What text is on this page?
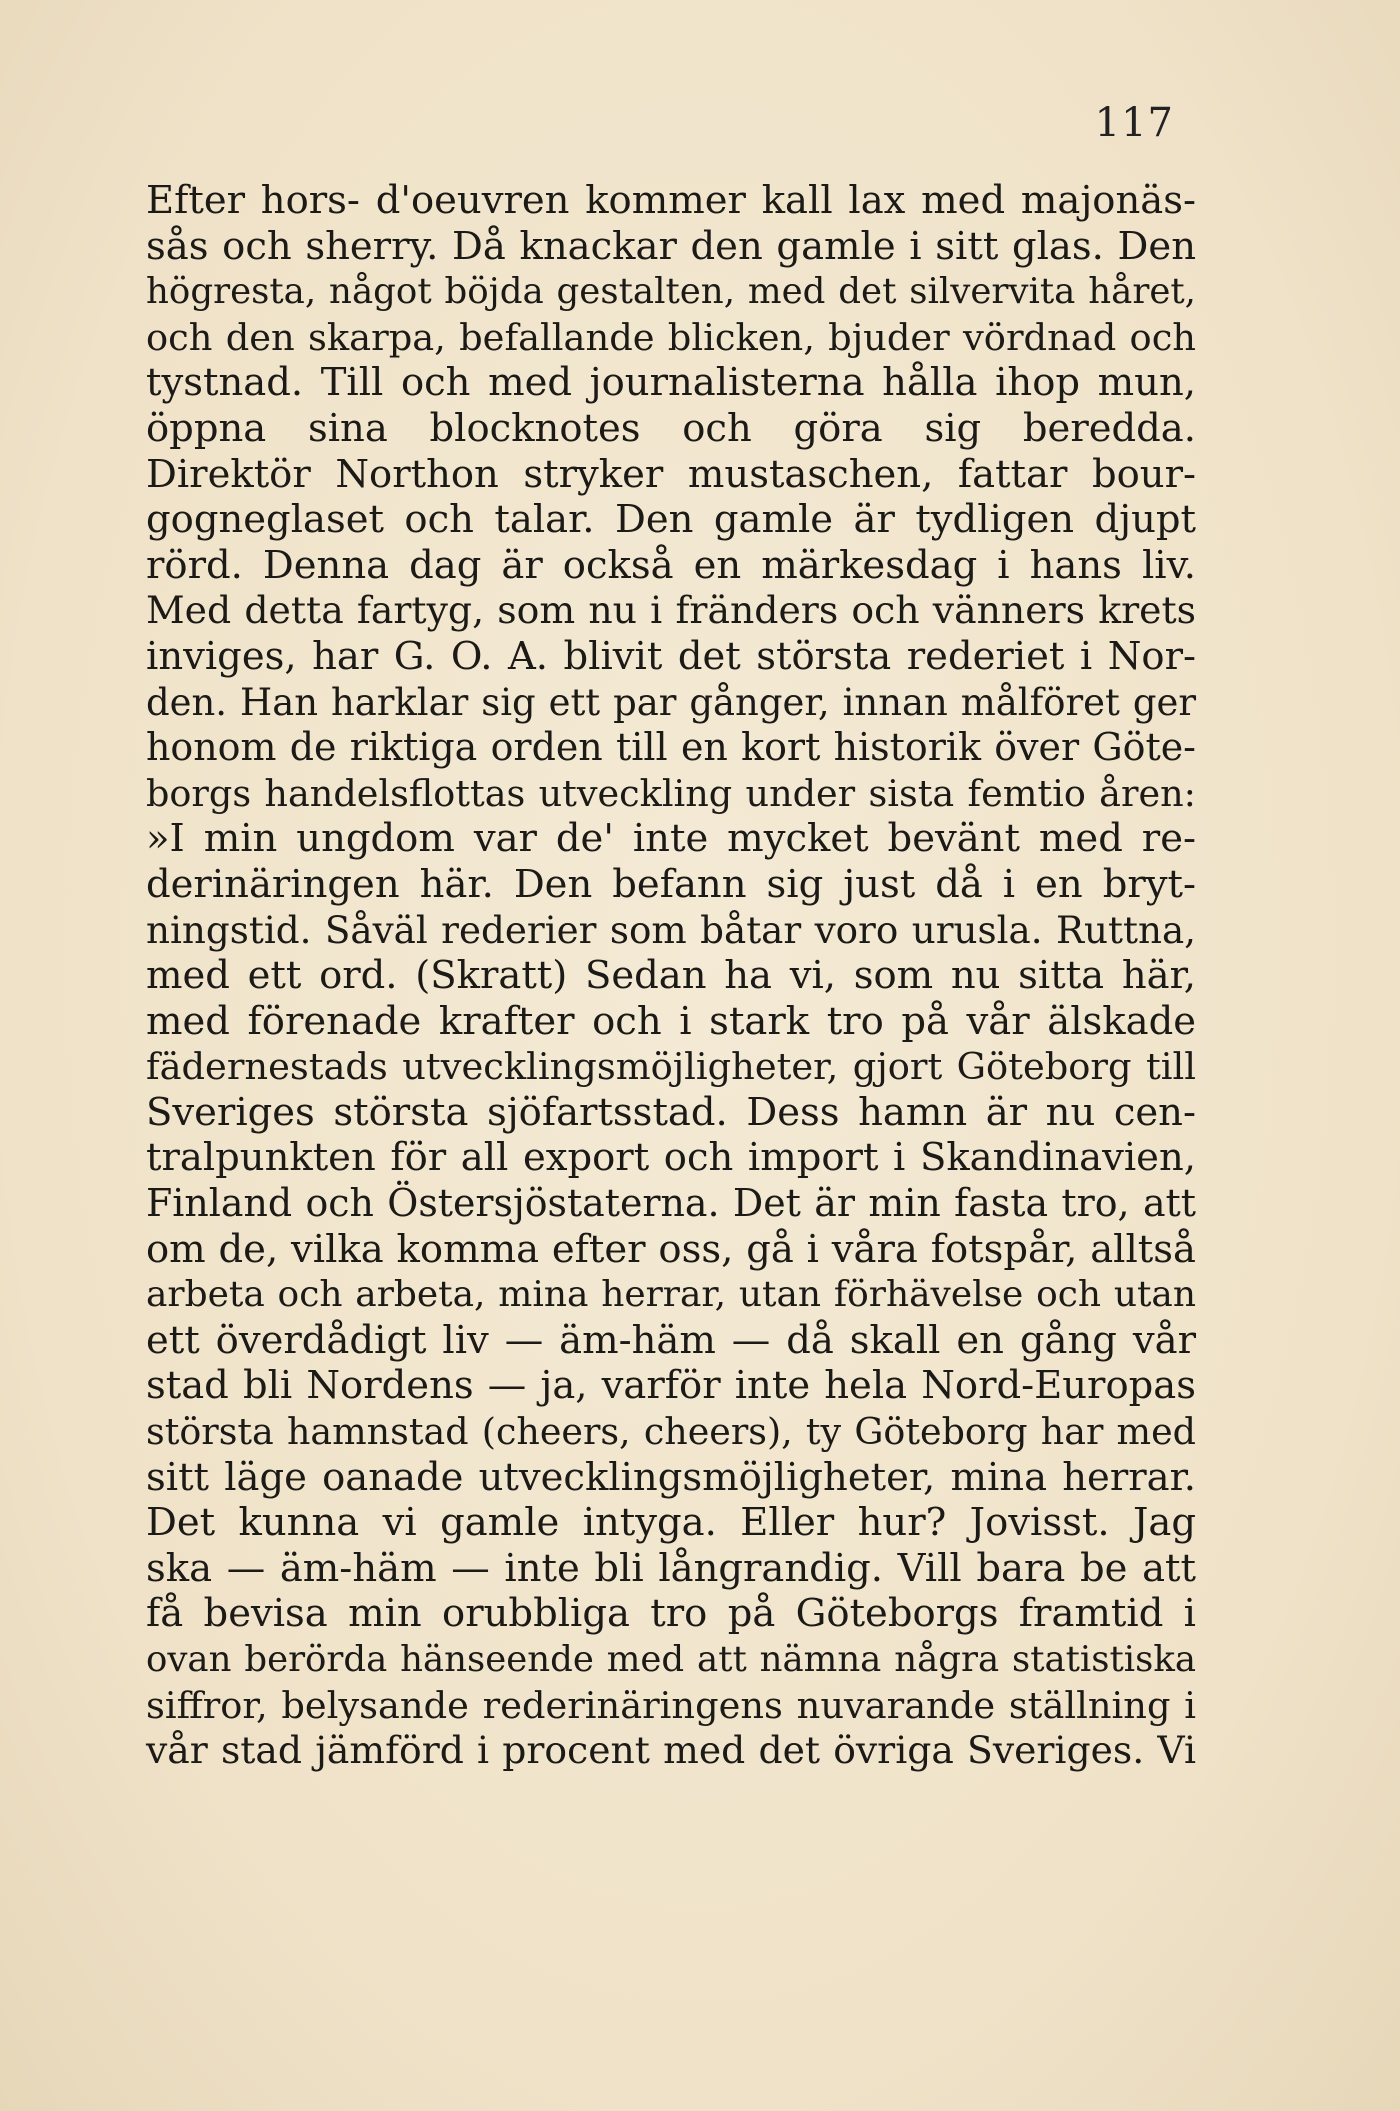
117
Efter hors- d'oeuvren kommer kall lax med majonäs-
sås och sherry. Då knackar den gamle i sitt glas. Den
högresta, något böjda gestalten, med det silvervita håret,
och den skarpa, befallande blicken, bjuder vördnad och
tystnad. Till och med journalisterna hålla ihop mun,
öppna sina blocknotes och göra sig beredda.
Direktör Northon stryker mustaschen, fattar bour-
gogneglaset och talar. Den gamle är tydligen djupt
rörd. Denna dag är också en märkesdag i hans liv.
Med detta fartyg, som nu i fränders och vänners krets
inviges, har G. O. A. blivit det största rederiet i Nor-
den. Han harklar sig ett par gånger, innan målföret ger
honom de riktiga orden till en kort historik över Göte-
borgs handelsflottas utveckling under sista femtio åren:
»I min ungdom var de' inte mycket bevänt med re-
derinäringen här. Den befann sig just då i en bryt-
ningstid. Såväl rederier som båtar voro urusla. Ruttna,
med ett ord. (Skratt) Sedan ha vi, som nu sitta här,
med förenade krafter och i stark tro på vår älskade
fädernestads utvecklingsmöjligheter, gjort Göteborg till
Sveriges största sjöfartsstad. Dess hamn är nu cen-
tralpunkten för all export och import i Skandinavien,
Finland och Östersjöstaterna. Det är min fasta tro, att
om de, vilka komma efter oss, gå i våra fotspår, alltså
arbeta och arbeta, mina herrar, utan förhävelse och utan
ett överdådigt liv — äm-häm — då skall en gång vår
stad bli Nordens — ja, varför inte hela Nord-Europas
största hamnstad (cheers, cheers), ty Göteborg har med
sitt läge oanade utvecklingsmöjligheter, mina herrar.
Det kunna vi gamle intyga. Eller hur? Jovisst. Jag
ska — äm-häm — inte bli långrandig. Vill bara be att
få bevisa min orubbliga tro på Göteborgs framtid i
ovan berörda hänseende med att nämna några statistiska
siffror, belysande rederinäringens nuvarande ställning i
vår stad jämförd i procent med det övriga Sveriges. Vi
